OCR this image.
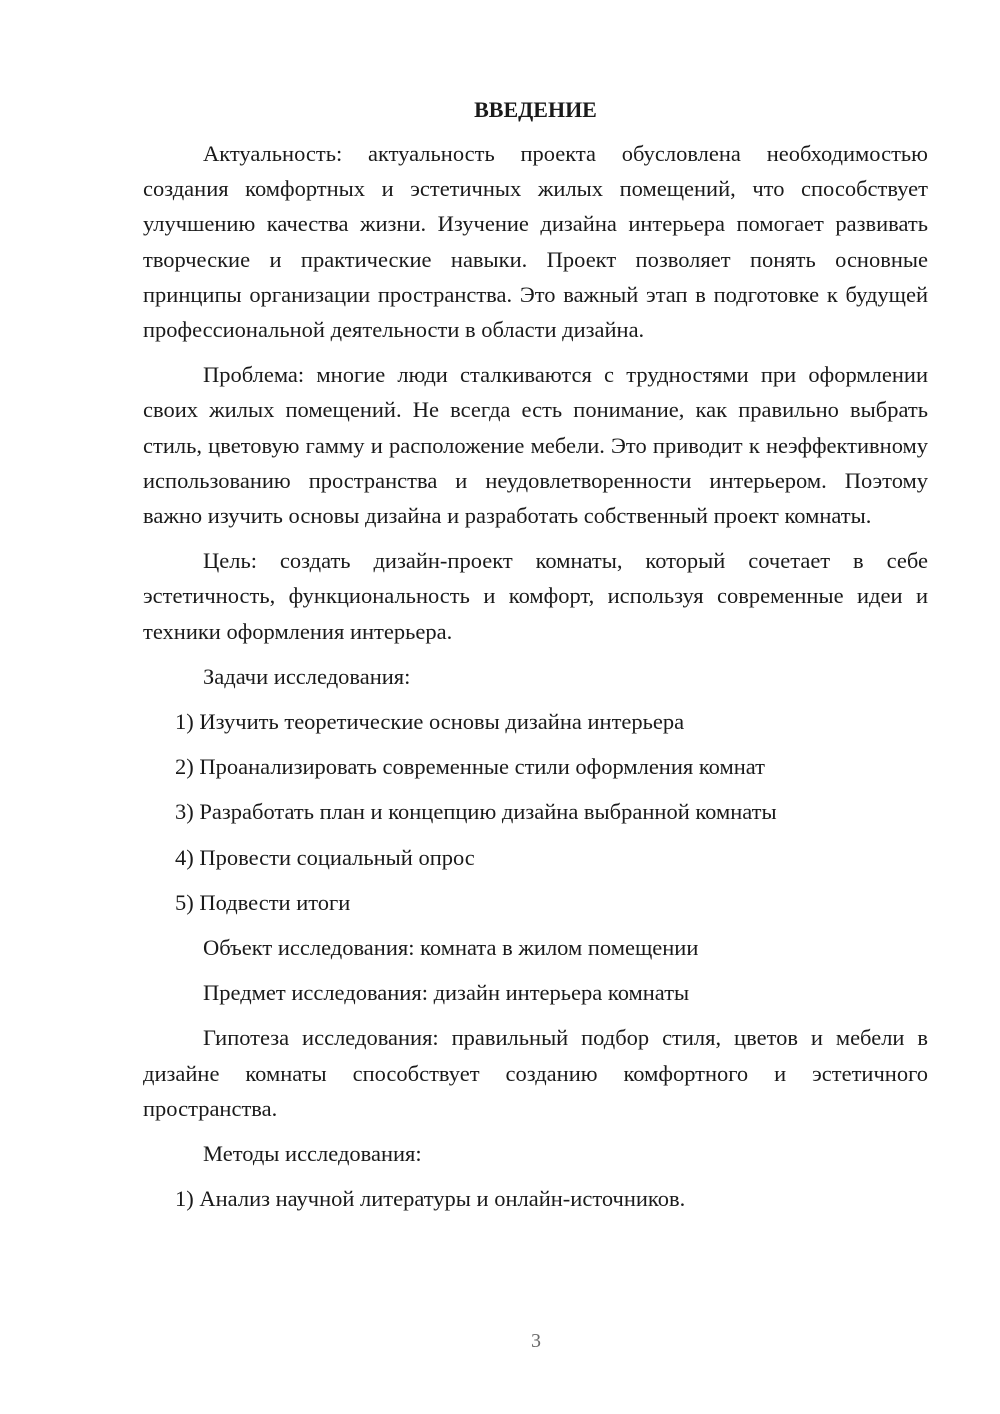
ВВЕДЕНИЕ

Актуальность: актуальность проекта обусловлена необходимостью создания комфортных и эстетичных жилых помещений, что способствует улучшению качества жизни. Изучение дизайна интерьера помогает развивать творческие и практические навыки. Проект позволяет понять основные принципы организации пространства. Это важный этап в подготовке к будущей профессиональной деятельности в области дизайна.

Проблема: многие люди сталкиваются с трудностями при оформлении своих жилых помещений. Не всегда есть понимание, как правильно выбрать стиль, цветовую гамму и расположение мебели. Это приводит к неэффективному использованию пространства и неудовлетворенности интерьером. Поэтому важно изучить основы дизайна и разработать собственный проект комнаты.

Цель: создать дизайн-проект комнаты, который сочетает в себе эстетичность, функциональность и комфорт, используя современные идеи и техники оформления интерьера.

Задачи исследования:
1) Изучить теоретические основы дизайна интерьера
2) Проанализировать современные стили оформления комнат
3) Разработать план и концепцию дизайна выбранной комнаты
4) Провести социальный опрос
5) Подвести итоги
Объект исследования: комната в жилом помещении
Предмет исследования: дизайн интерьера комнаты

Гипотеза исследования: правильный подбор стиля, цветов и мебели в дизайне комнаты способствует созданию комфортного и эстетичного пространства.

Методы исследования:
1) Анализ научной литературы и онлайн-источников.
3
